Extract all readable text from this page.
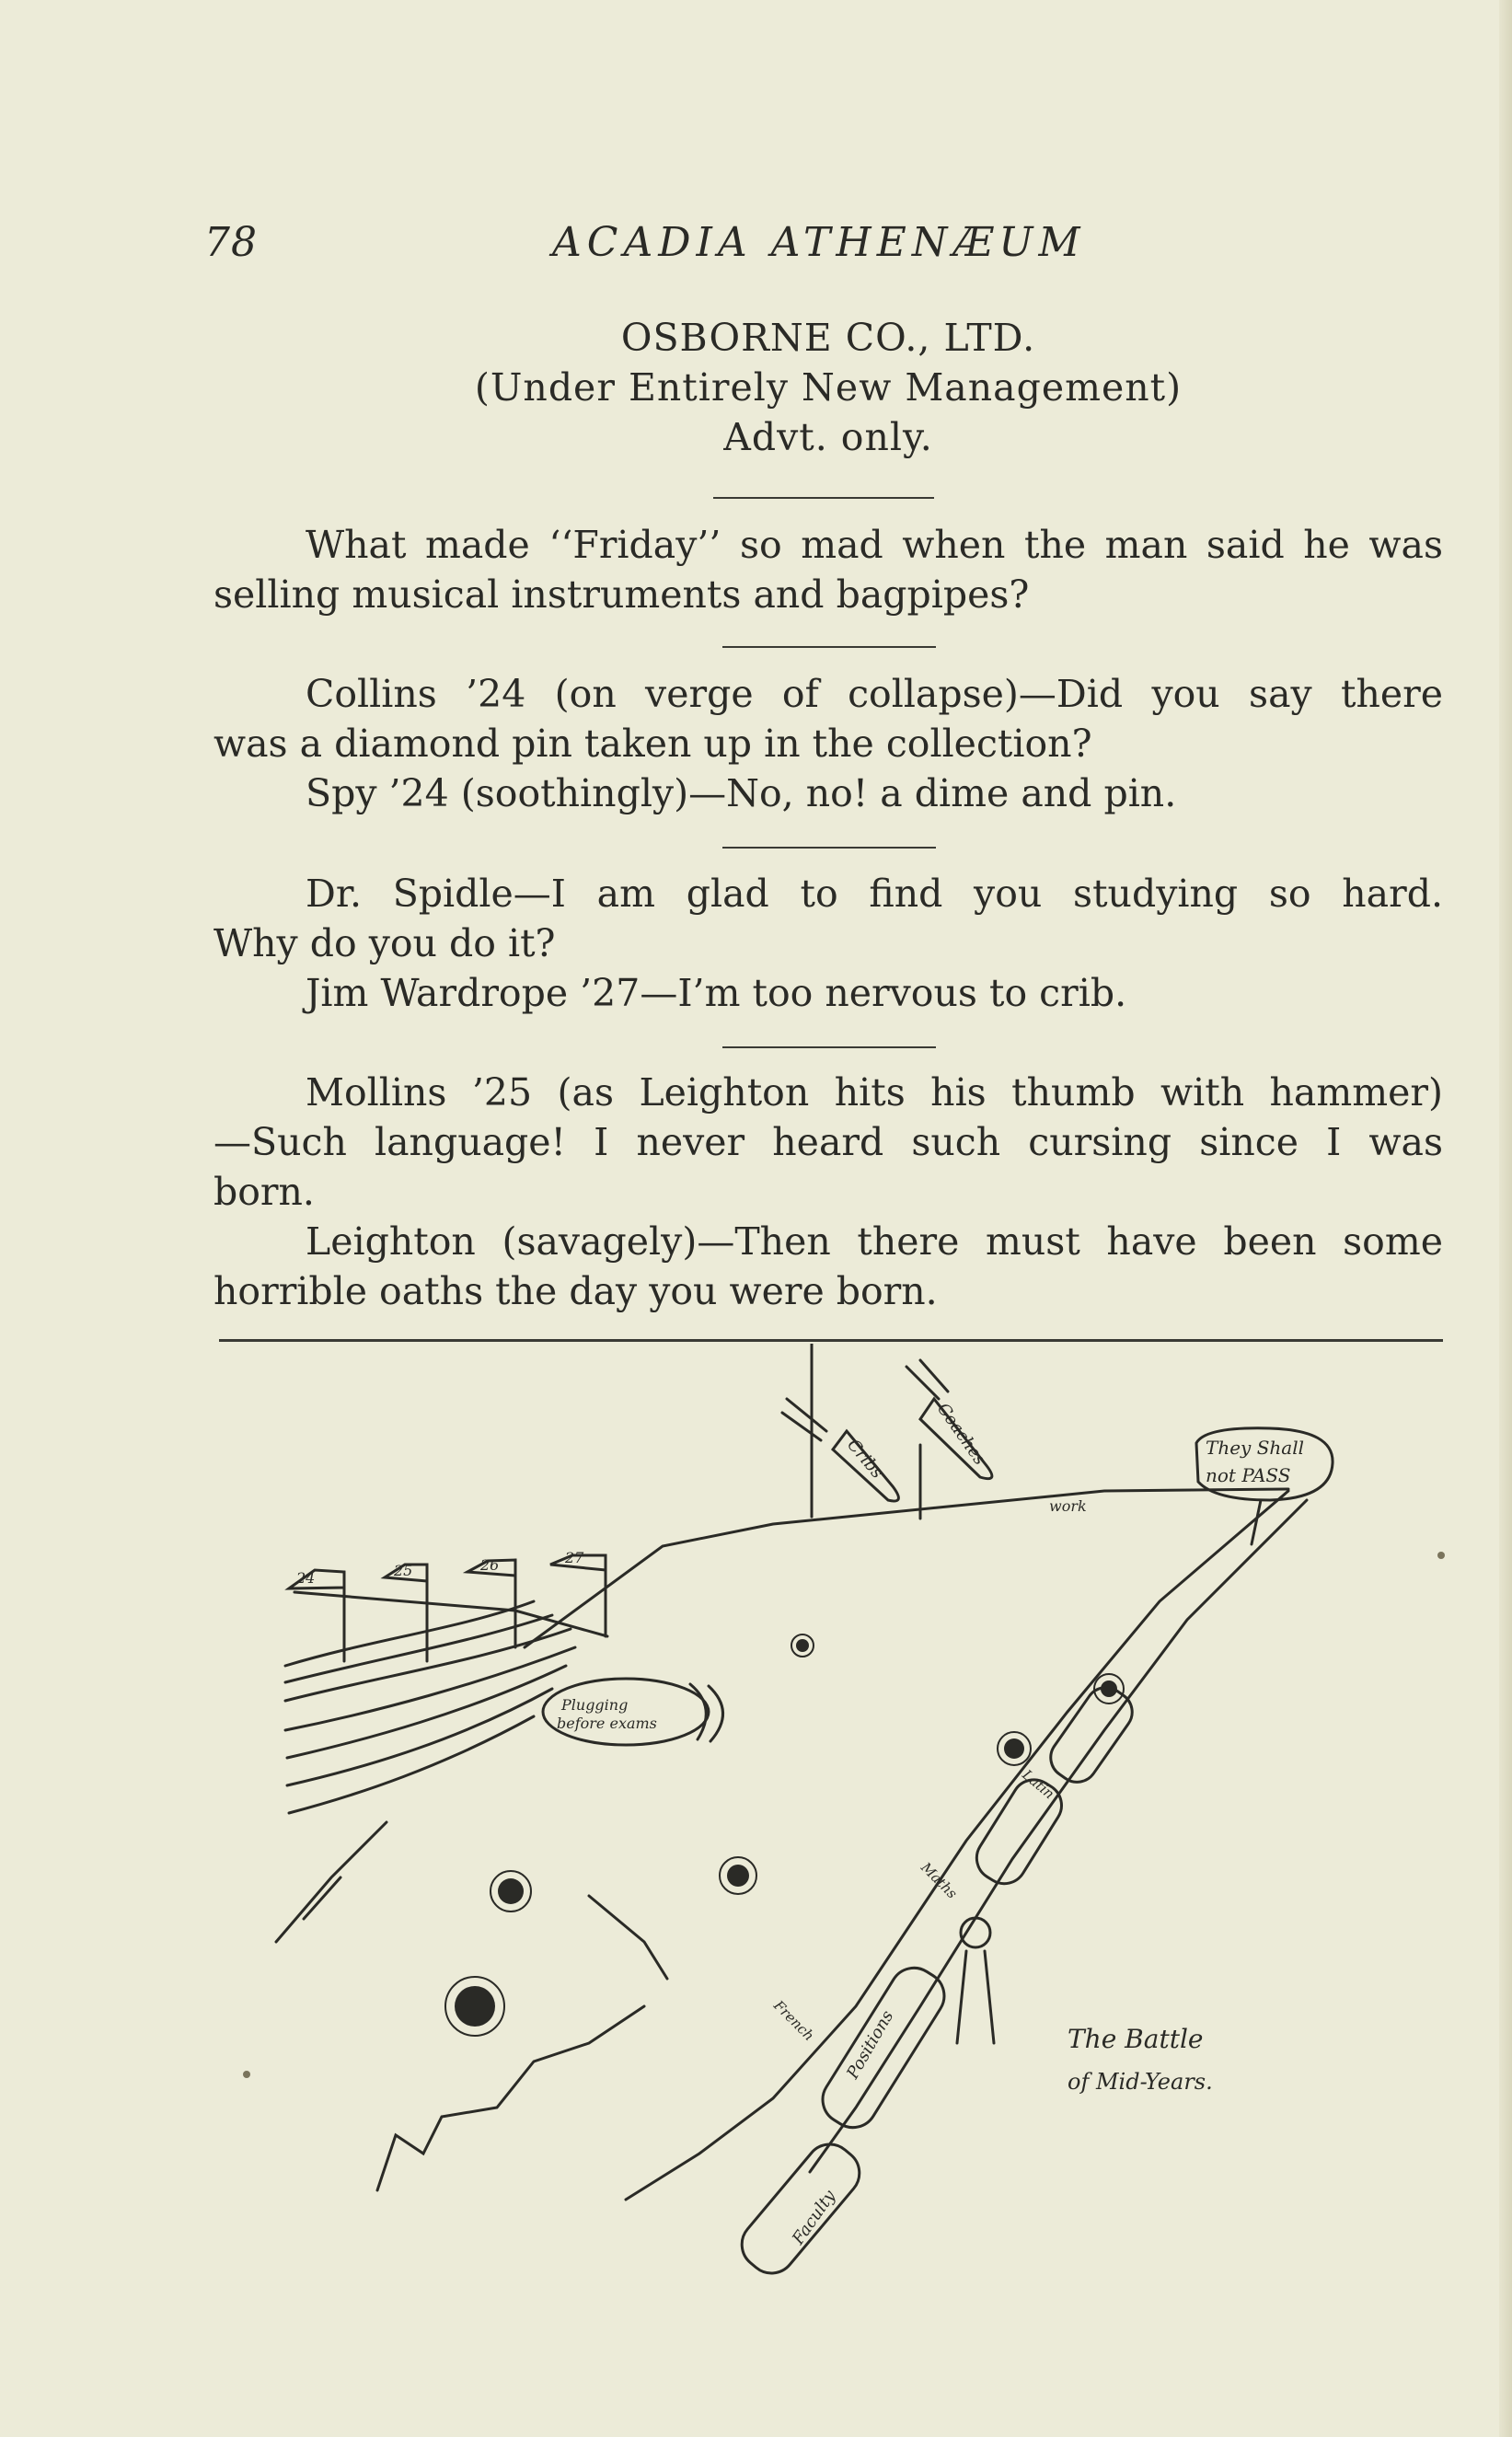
78	ACADIA ATHENÆUM
OSBORNE CO., LTD.
(Under Entirely New Management)
Advt. only.

What made ‘‘Friday’’ so mad when the man said he was

selling musical instruments and bagpipes?

Collins ’24 (on verge of collapse)—Did you say there

was a diamond pin taken up in the collection?

Spy ’24 (soothingly)—No, no! a dime and pin.

Dr. Spidle—I am glad to find you studying so hard.

Why do you do it?

Jim Wardrope ’27—I’m too nervous to crib.

Mollins ’25 (as Leighton hits his thumb with hammer)

—Such language! I never heard such cursing since I was

born.

Leighton (savagely)—Then there must have been some

horrible oaths the day you were born.

24	25	26	27
Cribs	Coaches
work
They Shall
not PASS
Plugging
before exams
Latin
Maths
French Positions
Faculty
The Battle
of Mid-Years.
